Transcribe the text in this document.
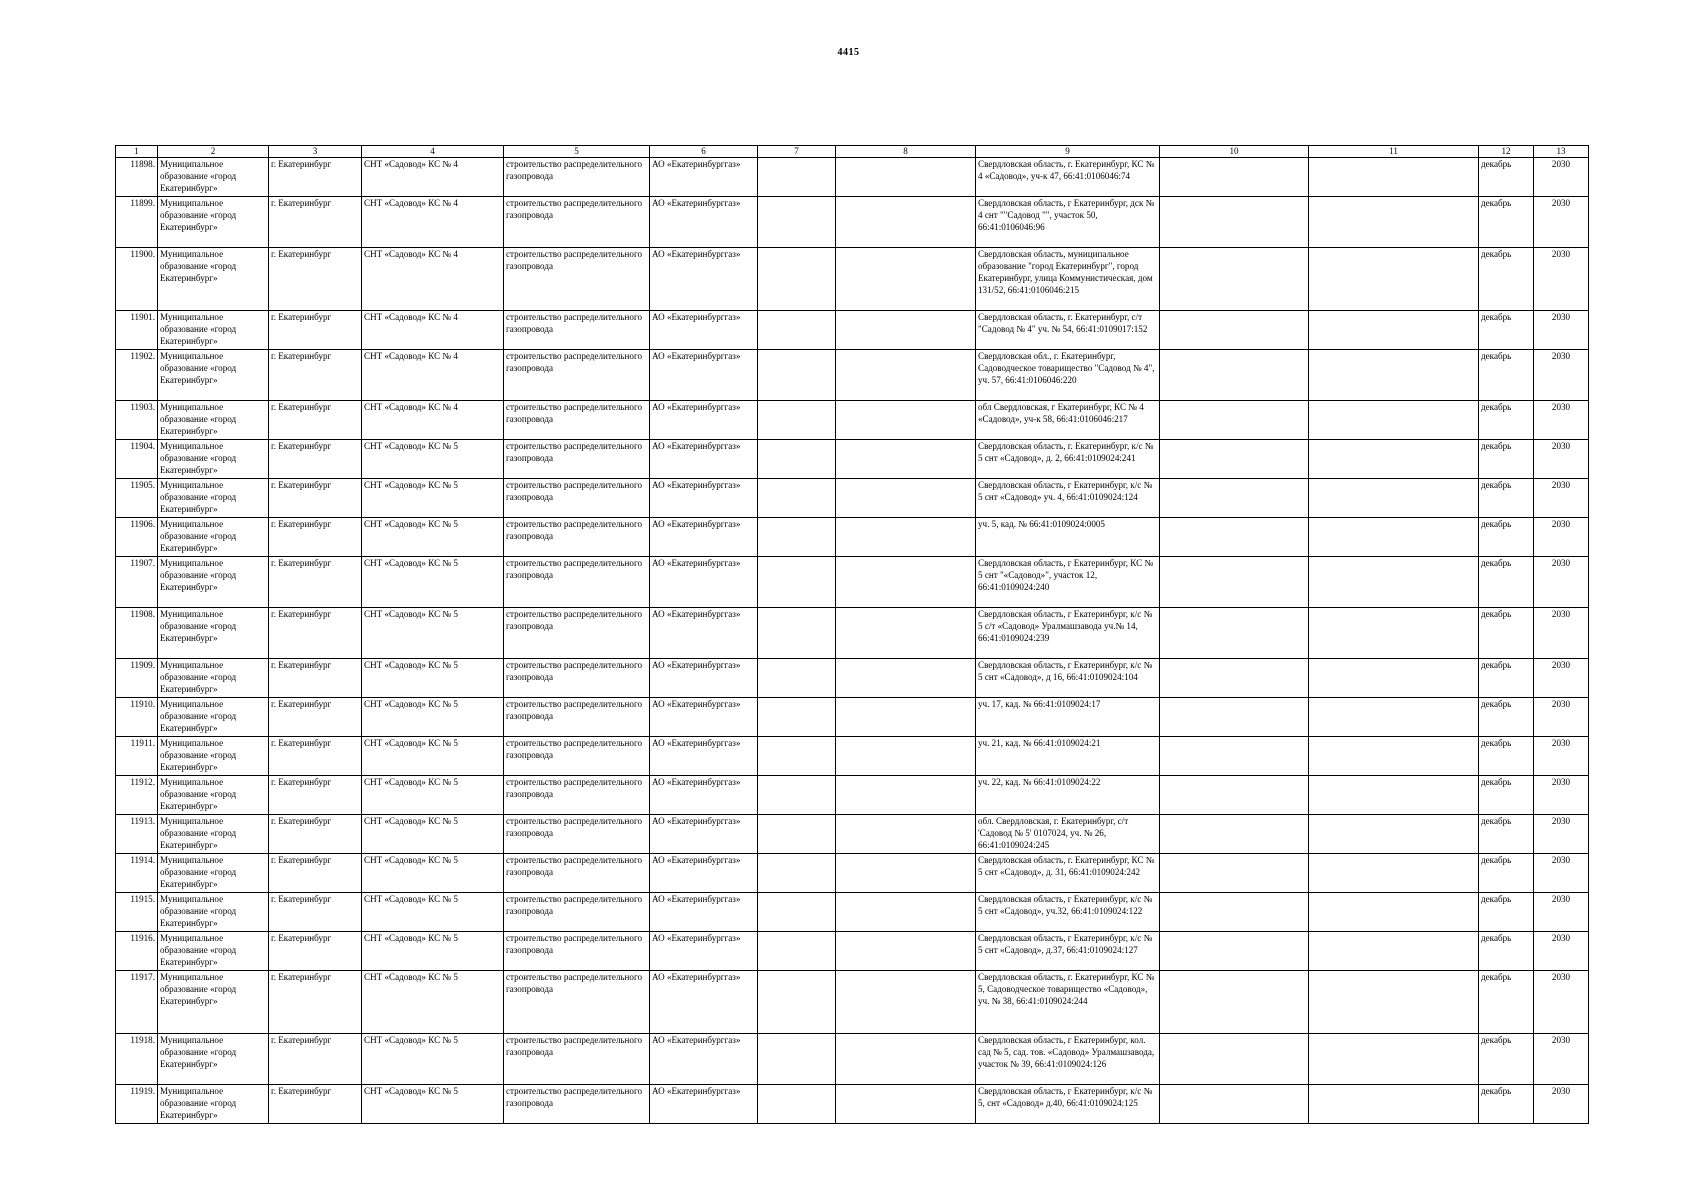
4415
1	2	3	4	5	6	7	8	9	10	11	12	13
11898.	Муниципальное образование «город Екатеринбург»	г. Екатеринбург	СНТ «Садовод» КС № 4	строительство распределительного газопровода	АО «Екатеринбурггаз»			Свердловская область, г. Екатеринбург, КС № 4 «Садовод», уч-к 47, 66:41:0106046:74			декабрь	2030
11899.	Муниципальное образование «город Екатеринбург»	г. Екатеринбург	СНТ «Садовод» КС № 4	строительство распределительного газопровода	АО «Екатеринбурггаз»			Свердловская область, г Екатеринбург, дск № 4 снт ""Садовод "", участок 50, 66:41:0106046:96			декабрь	2030
11900.	Муниципальное образование «город Екатеринбург»	г. Екатеринбург	СНТ «Садовод» КС № 4	строительство распределительного газопровода	АО «Екатеринбурггаз»			Свердловская область, муниципальное образование "город Екатеринбург", город Екатеринбург, улица Коммунистическая, дом 131/52, 66:41:0106046:215			декабрь	2030
11901.	Муниципальное образование «город Екатеринбург»	г. Екатеринбург	СНТ «Садовод» КС № 4	строительство распределительного газопровода	АО «Екатеринбурггаз»			Свердловская область, г. Екатеринбург, с/т "Садовод № 4" уч. № 54, 66:41:0109017:152			декабрь	2030
11902.	Муниципальное образование «город Екатеринбург»	г. Екатеринбург	СНТ «Садовод» КС № 4	строительство распределительного газопровода	АО «Екатеринбурггаз»			Свердловская обл., г. Екатеринбург, Садоводческое товарищество "Садовод № 4", уч. 57, 66:41:0106046:220			декабрь	2030
11903.	Муниципальное образование «город Екатеринбург»	г. Екатеринбург	СНТ «Садовод» КС № 4	строительство распределительного газопровода	АО «Екатеринбурггаз»			обл Свердловская, г Екатеринбург, КС № 4 «Садовод», уч-к 58, 66:41:0106046:217			декабрь	2030
11904.	Муниципальное образование «город Екатеринбург»	г. Екатеринбург	СНТ «Садовод» КС № 5	строительство распределительного газопровода	АО «Екатеринбурггаз»			Свердловская область, г. Екатеринбург, к/с № 5 снт «Садовод», д. 2, 66:41:0109024:241			декабрь	2030
11905.	Муниципальное образование «город Екатеринбург»	г. Екатеринбург	СНТ «Садовод» КС № 5	строительство распределительного газопровода	АО «Екатеринбурггаз»			Свердловская область, г Екатеринбург, к/с № 5 снт «Садовод» уч. 4, 66:41:0109024:124			декабрь	2030
11906.	Муниципальное образование «город Екатеринбург»	г. Екатеринбург	СНТ «Садовод» КС № 5	строительство распределительного газопровода	АО «Екатеринбурггаз»			уч. 5, кад. № 66:41:0109024:0005			декабрь	2030
11907.	Муниципальное образование «город Екатеринбург»	г. Екатеринбург	СНТ «Садовод» КС № 5	строительство распределительного газопровода	АО «Екатеринбурггаз»			Свердловская область, г Екатеринбург, КС № 5 снт "«Садовод»", участок 12, 66:41:0109024:240			декабрь	2030
11908.	Муниципальное образование «город Екатеринбург»	г. Екатеринбург	СНТ «Садовод» КС № 5	строительство распределительного газопровода	АО «Екатеринбурггаз»			Свердловская область, г Екатеринбург, к/с № 5 с/т «Садовод» Уралмашзавода уч.№ 14, 66:41:0109024:239			декабрь	2030
11909.	Муниципальное образование «город Екатеринбург»	г. Екатеринбург	СНТ «Садовод» КС № 5	строительство распределительного газопровода	АО «Екатеринбурггаз»			Свердловская область, г Екатеринбург, к/с № 5 снт «Садовод», д 16, 66:41:0109024:104			декабрь	2030
11910.	Муниципальное образование «город Екатеринбург»	г. Екатеринбург	СНТ «Садовод» КС № 5	строительство распределительного газопровода	АО «Екатеринбурггаз»			уч. 17, кад. № 66:41:0109024:17			декабрь	2030
11911.	Муниципальное образование «город Екатеринбург»	г. Екатеринбург	СНТ «Садовод» КС № 5	строительство распределительного газопровода	АО «Екатеринбурггаз»			уч. 21, кад. № 66:41:0109024:21			декабрь	2030
11912.	Муниципальное образование «город Екатеринбург»	г. Екатеринбург	СНТ «Садовод» КС № 5	строительство распределительного газопровода	АО «Екатеринбурггаз»			уч. 22, кад. № 66:41:0109024:22			декабрь	2030
11913.	Муниципальное образование «город Екатеринбург»	г. Екатеринбург	СНТ «Садовод» КС № 5	строительство распределительного газопровода	АО «Екатеринбурггаз»			обл. Свердловская, г. Екатеринбург, с/т 'Садовод № 5' 0107024, уч. № 26, 66:41:0109024:245			декабрь	2030
11914.	Муниципальное образование «город Екатеринбург»	г. Екатеринбург	СНТ «Садовод» КС № 5	строительство распределительного газопровода	АО «Екатеринбурггаз»			Свердловская область, г. Екатеринбург, КС № 5 снт «Садовод», д. 31, 66:41:0109024:242			декабрь	2030
11915.	Муниципальное образование «город Екатеринбург»	г. Екатеринбург	СНТ «Садовод» КС № 5	строительство распределительного газопровода	АО «Екатеринбурггаз»			Свердловская область, г Екатеринбург, к/с № 5 снт «Садовод», уч.32, 66:41:0109024:122			декабрь	2030
11916.	Муниципальное образование «город Екатеринбург»	г. Екатеринбург	СНТ «Садовод» КС № 5	строительство распределительного газопровода	АО «Екатеринбурггаз»			Свердловская область, г Екатеринбург, к/с № 5 снт «Садовод», д.37, 66:41:0109024:127			декабрь	2030
11917.	Муниципальное образование «город Екатеринбург»	г. Екатеринбург	СНТ «Садовод» КС № 5	строительство распределительного газопровода	АО «Екатеринбурггаз»			Свердловская область, г. Екатеринбург, КС № 5, Садоводческое товарищество «Садовод», уч. № 38, 66:41:0109024:244			декабрь	2030
11918.	Муниципальное образование «город Екатеринбург»	г. Екатеринбург	СНТ «Садовод» КС № 5	строительство распределительного газопровода	АО «Екатеринбурггаз»			Свердловская область, г Екатеринбург, кол. сад № 5, сад. тов. «Садовод» Уралмашзавода, участок № 39, 66:41:0109024:126			декабрь	2030
11919.	Муниципальное образование «город Екатеринбург»	г. Екатеринбург	СНТ «Садовод» КС № 5	строительство распределительного газопровода	АО «Екатеринбурггаз»			Свердловская область, г Екатеринбург, к/с № 5, снт «Садовод» д.40, 66:41:0109024:125			декабрь	2030
